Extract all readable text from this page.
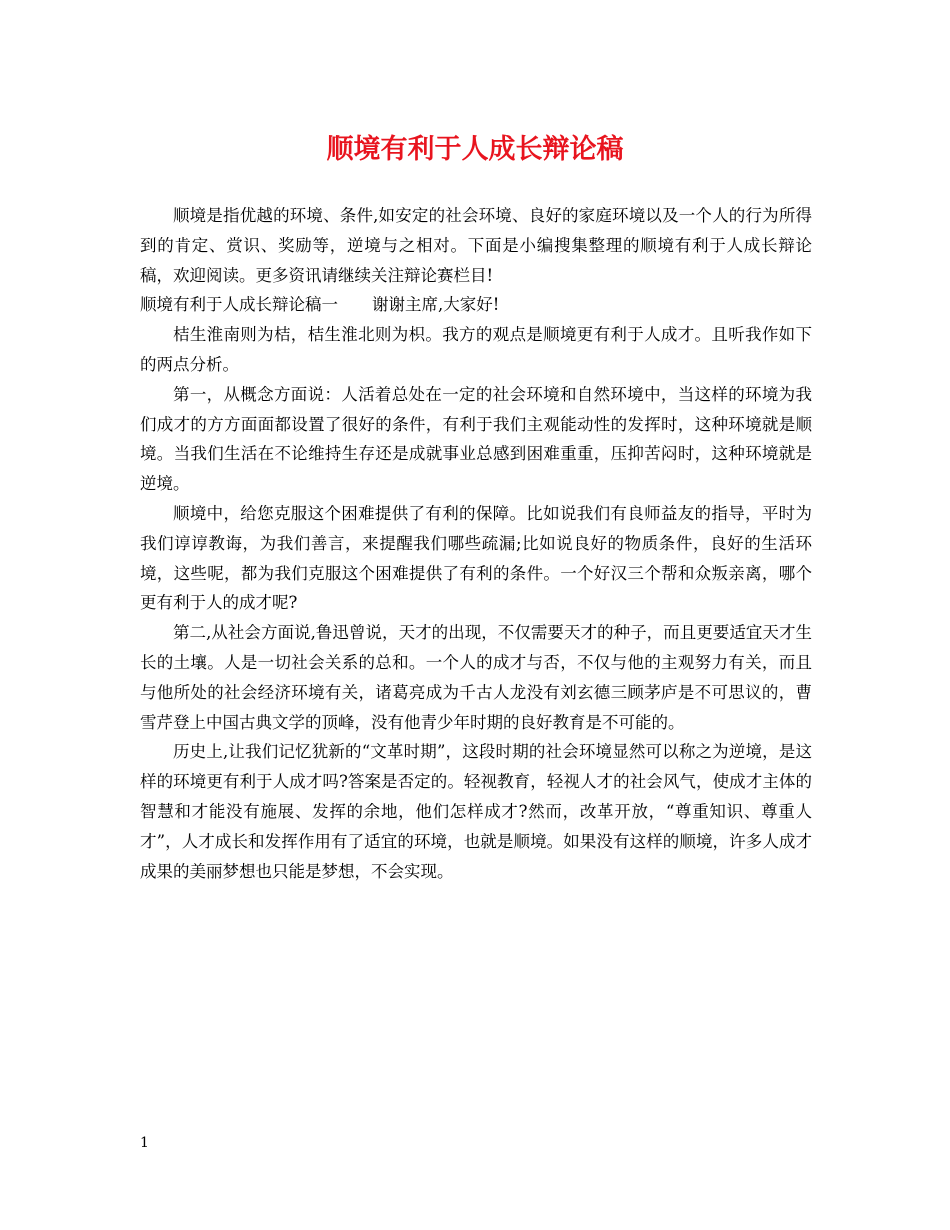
顺境有利于人成长辩论稿

顺境是指优越的环境、条件,如安定的社会环境、良好的家庭环境以及一个人的行为所得到的肯定、赏识、奖励等，逆境与之相对。下面是小编搜集整理的顺境有利于人成长辩论稿，欢迎阅读。更多资讯请继续关注辩论赛栏目!

顺境有利于人成长辩论稿一 谢谢主席,大家好!

桔生淮南则为桔，桔生淮北则为枳。我方的观点是顺境更有利于人成才。且听我作如下的两点分析。

第一，从概念方面说：人活着总处在一定的社会环境和自然环境中，当这样的环境为我们成才的方方面面都设置了很好的条件，有利于我们主观能动性的发挥时，这种环境就是顺境。当我们生活在不论维持生存还是成就事业总感到困难重重，压抑苦闷时，这种环境就是逆境。

顺境中，给您克服这个困难提供了有利的保障。比如说我们有良师益友的指导，平时为我们谆谆教诲，为我们善言，来提醒我们哪些疏漏;比如说良好的物质条件，良好的生活环境，这些呢，都为我们克服这个困难提供了有利的条件。一个好汉三个帮和众叛亲离，哪个更有利于人的成才呢?

第二,从社会方面说,鲁迅曾说，天才的出现，不仅需要天才的种子，而且更要适宜天才生长的土壤。人是一切社会关系的总和。一个人的成才与否，不仅与他的主观努力有关，而且与他所处的社会经济环境有关，诸葛亮成为千古人龙没有刘玄德三顾茅庐是不可思议的，曹雪芹登上中国古典文学的顶峰，没有他青少年时期的良好教育是不可能的。

历史上,让我们记忆犹新的“文革时期”，这段时期的社会环境显然可以称之为逆境，是这样的环境更有利于人成才吗?答案是否定的。轻视教育，轻视人才的社会风气，使成才主体的智慧和才能没有施展、发挥的余地，他们怎样成才?然而，改革开放，“尊重知识、尊重人才”，人才成长和发挥作用有了适宜的环境，也就是顺境。如果没有这样的顺境，许多人成才成果的美丽梦想也只能是梦想，不会实现。

1
